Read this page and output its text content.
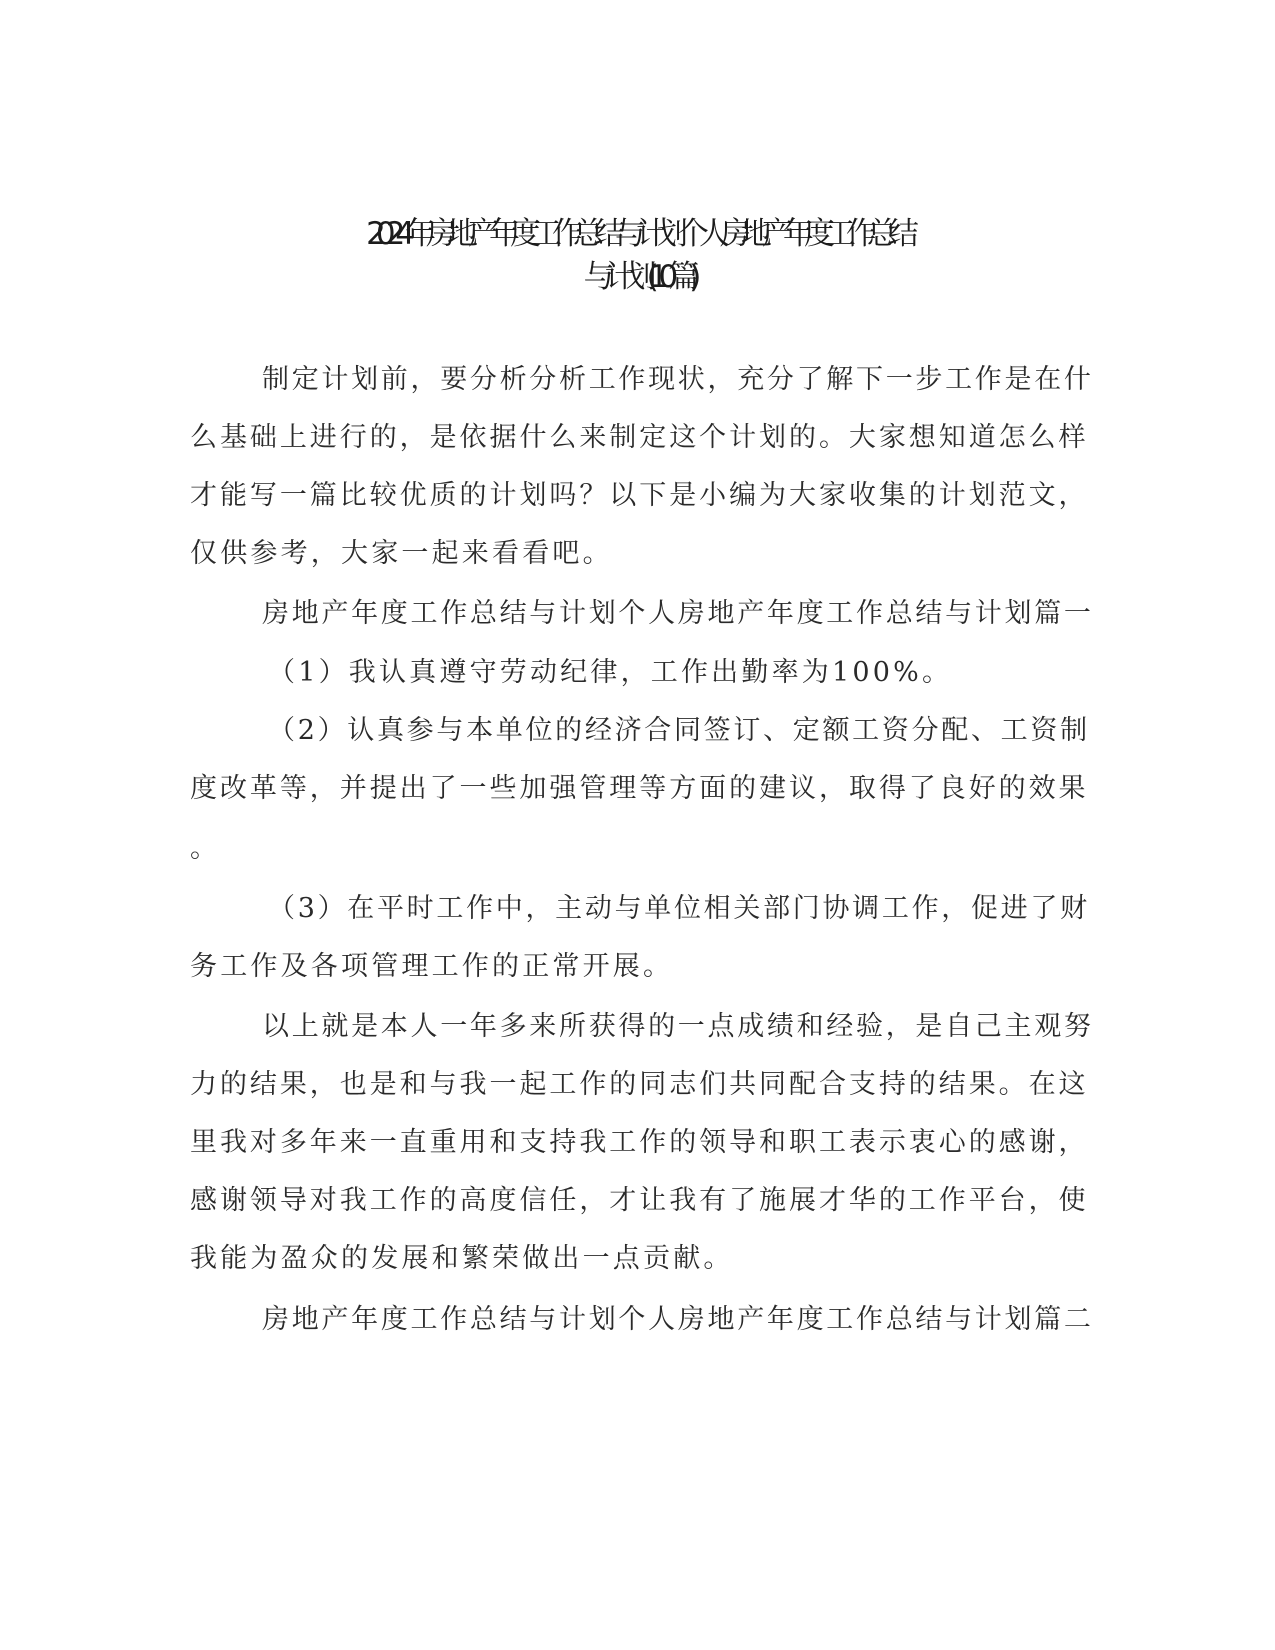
2024年房地产年度工作总结与计划个人 房地产年度工作总结
与计划(10篇)
制定计划前，要分析分析工作现状，充分了解下一步工作是在什
么基础上进行的，是依据什么来制定这个计划的。大家想知道怎么样
才能写一篇比较优质的计划吗？以下是小编为大家收集的计划范文，
仅供参考，大家一起来看看吧。
房地产年度工作总结与计划个人房地产年度工作总结与计划篇一
（1）我认真遵守劳动纪律，工作出勤率为100%。
（2）认真参与本单位的经济合同签订、定额工资分配、工资制
度改革等，并提出了一些加强管理等方面的建议，取得了良好的效果
。
（3）在平时工作中，主动与单位相关部门协调工作，促进了财
务工作及各项管理工作的正常开展。
以上就是本人一年多来所获得的一点成绩和经验，是自己主观努
力的结果，也是和与我一起工作的同志们共同配合支持的结果。在这
里我对多年来一直重用和支持我工作的领导和职工表示衷心的感谢，
感谢领导对我工作的高度信任，才让我有了施展才华的工作平台，使
我能为盈众的发展和繁荣做出一点贡献。
房地产年度工作总结与计划个人房地产年度工作总结与计划篇二
